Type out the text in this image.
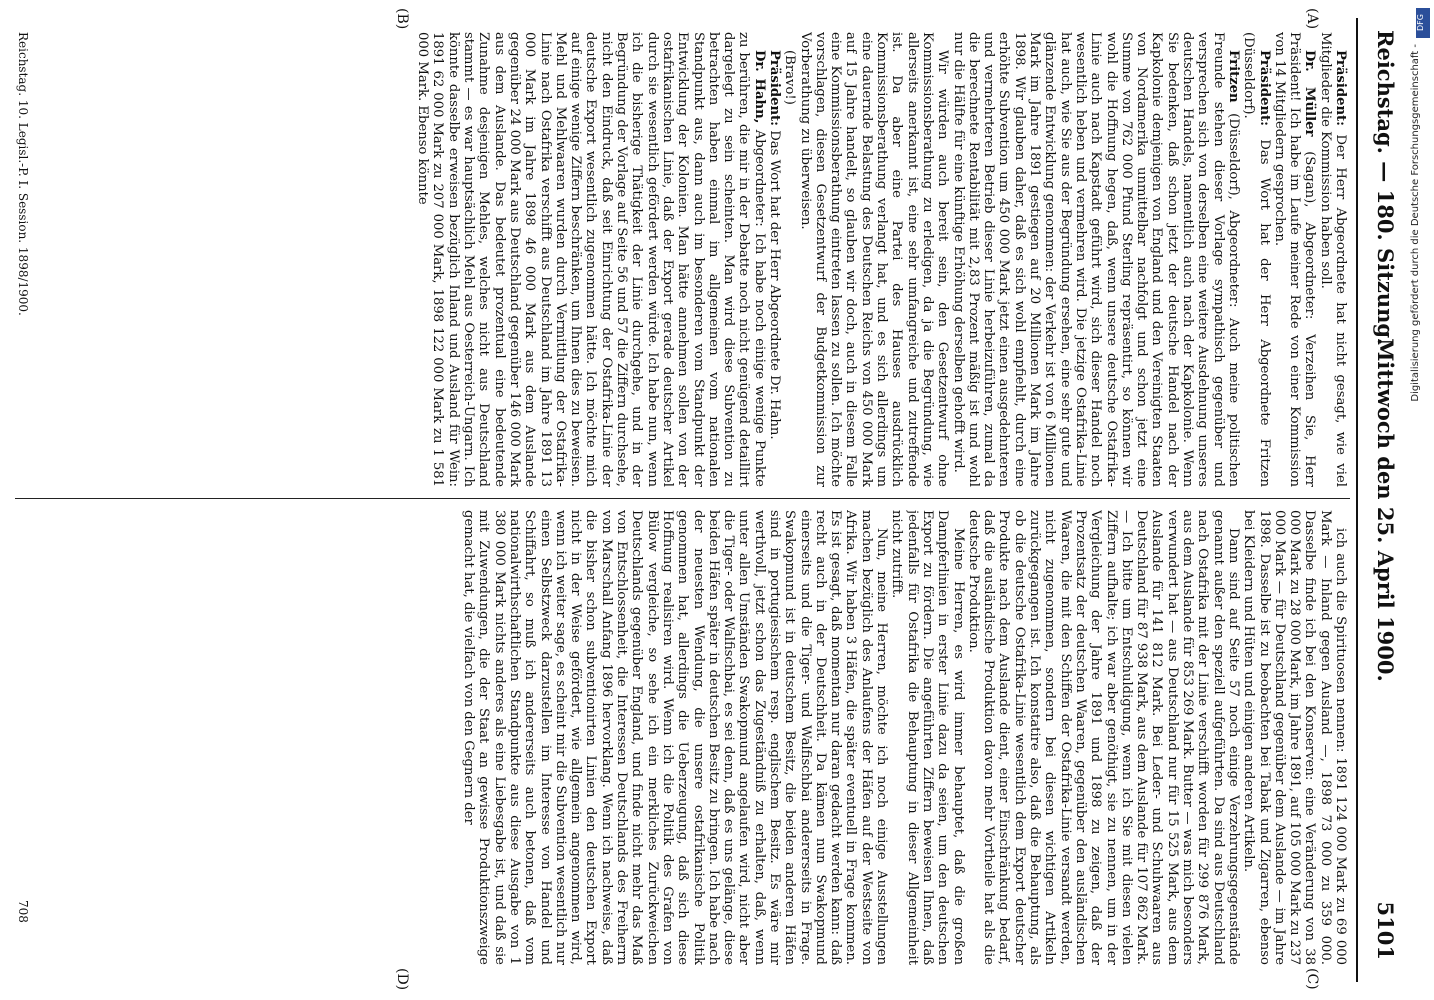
Reichstag. — 180. Sitzung.
Mittwoch den 25. April 1900.
5101
(A)
(B)
(C)
(D)

Präsident: Der Herr Abgeordnete hat nicht gesagt, wie viel Mitglieder die Kommission haben soll.

Dr. Müller (Sagan), Abgeordneter: Verzeihen Sie, Herr Präsident! Ich habe im Laufe meiner Rede von einer Kommission von 14 Mitgliedern gesprochen.

Präsident: Das Wort hat der Herr Abgeordnete Fritzen (Düsseldorf).

Fritzen (Düsseldorf), Abgeordneter: Auch meine politischen Freunde stehen dieser Vorlage sympathisch gegenüber und versprechen sich von derselben eine weitere Ausdehnung unseres deutschen Handels, namentlich auch nach der Kapkolonie. Wenn Sie bedenken, daß schon jetzt der deutsche Handel nach der Kapkolonie demjenigen von England und den Vereinigten Staaten von Nordamerika unmittelbar nachfolgt und schon jetzt eine Summe von 762 000 Pfund Sterling repräsentirt, so können wir wohl die Hoffnung hegen, daß, wenn unsere deutsche Ostafrika-Linie auch nach Kapstadt geführt wird, sich dieser Handel noch wesentlich heben und vermehren wird. Die jetzige Ostafrika-Linie hat auch, wie Sie aus der Begründung ersehen, eine sehr gute und glänzende Entwicklung genommen: der Verkehr ist von 6 Millionen Mark im Jahre 1891 gestiegen auf 20 Millionen Mark im Jahre 1898. Wir glauben daher, daß es sich wohl empfiehlt, durch eine erhöhte Subvention um 450 000 Mark jetzt einen ausgedehnteren und vermehrteren Betrieb dieser Linie herbeizuführen, zumal da die berechnete Rentabilität mit 2,83 Prozent mäßig ist und wohl nur die Hälfte für eine künftige Erhöhung derselben gehofft wird.

Wir würden auch bereit sein, den Gesetzentwurf ohne Kommissionsberathung zu erledigen, da ja die Begründung, wie allerseits anerkannt ist, eine sehr umfangreiche und zutreffende ist. Da aber eine Partei des Hauses ausdrücklich Kommissionsberathung verlangt hat, und es sich allerdings um eine dauernde Belastung des Deutschen Reichs von 450 000 Mark auf 15 Jahre handelt, so glauben wir doch, auch in diesem Falle eine Kommissionsberathung eintreten lassen zu sollen. Ich möchte vorschlagen, diesen Gesetzentwurf der Budgetkommission zur Vorberathung zu überweisen.

(Bravo!)

Präsident: Das Wort hat der Herr Abgeordnete Dr. Hahn.

Dr. Hahn, Abgeordneter: Ich habe noch einige wenige Punkte zu berühren, die mir in der Debatte noch nicht genügend detaillirt dargelegt zu sein scheinten. Man wird diese Subvention zu betrachten haben einmal im allgemeinen vom nationalen Standpunkt aus, dann auch im besonderen vom Standpunkt der Entwicklung der Kolonien. Man hätte annehmen sollen von der ostafrikanischen Linie, daß der Export gerade deutscher Artikel durch sie wesentlich gefördert werden würde. Ich habe nun, wenn ich die bisherige Thätigkeit der Linie durchgehe, und in der Begründung der Vorlage auf Seite 56 und 57 die Ziffern durchsehe, nicht den Eindruck, daß seit Einrichtung der Ostafrika-Linie der deutsche Export wesentlich zugenommen hätte. Ich möchte mich auf einige wenige Ziffern beschränken, um Ihnen dies zu beweisen. Mehl und Mehlwaaren wurden durch Vermittlung der Ostafrika-Linie nach Ostafrika verschifft aus Deutschland im Jahre 1891 13 000 Mark im Jahre 1898 46 000 Mark aus dem Auslande gegenüber 24 000 Mark aus Deutschland gegenüber 146 000 Mark aus dem Auslande. Das bedeutet prozentual eine bedeutende Zunahme desjenigen Mehles, welches nicht aus Deutschland stammt — es war hauptsächlich Mehl aus Oesterreich-Ungarn. Ich könnte dasselbe erweisen bezüglich Inland und Ausland für Wein: 1891 62 000 Mark zu 207 000 Mark, 1898 122 000 Mark zu 1 581 000 Mark. Ebenso könnte

ich auch die Spirituosen nennen: 1891 124 000 Mark zu 69 000 Mark — Inland gegen Ausland —, 1898 73 000 zu 359 000. Dasselbe finde ich bei den Konserven: eine Veränderung von 38 000 Mark zu 28 000 Mark, im Jahre 1891, auf 105 000 Mark zu 237 000 Mark — für Deutschland gegenüber dem Auslande — im Jahre 1898. Dasselbe ist zu beobachten bei Tabak und Zigarren, ebenso bei Kleidern und Hüten und einigen anderen Artikeln.

Dann sind auf Seite 57 noch einige Verzehrungsgegenstände genannt außer den speziell aufgeführten. Da sind aus Deutschland nach Ostafrika mit der Linie verschifft worden für 299 876 Mark, aus dem Auslande für 853 269 Mark. Butter — was mich besonders verwundert hat — aus Deutschland nur für 15 525 Mark, aus dem Auslande für 141 812 Mark. Bei Leder- und Schuhwaaren aus Deutschland für 87 938 Mark, aus dem Auslande für 107 862 Mark. — Ich bitte um Entschuldigung, wenn ich Sie mit diesen vielen Ziffern aufhalte; ich war aber genöthigt, sie zu nennen, um in der Vergleichung der Jahre 1891 und 1898 zu zeigen, daß der Prozentsatz der deutschen Waaren, gegenüber den ausländischen Waaren, die mit den Schiffen der Ostafrika-Linie versandt werden, nicht zugenommen, sondern bei diesen wichtigen Artikeln zurückgegangen ist. Ich konstatire also, daß die Behauptung, als ob die deutsche Ostafrika-Linie wesentlich dem Export deutscher Produkte nach dem Auslande dient, einer Einschränkung bedarf, daß die ausländische Produktion davon mehr Vortheile hat als die deutsche Produktion.

Meine Herren, es wird immer behauptet, daß die großen Dampferlinien in erster Linie dazu da seien, um den deutschen Export zu fördern. Die angeführten Ziffern beweisen Ihnen, daß jedenfalls für Ostafrika die Behauptung in dieser Allgemeinheit nicht zutrifft.

Nun, meine Herren, möchte ich noch einige Ausstellungen machen bezüglich des Anlaufens der Häfen auf der Westseite von Afrika. Wir haben 3 Häfen, die später eventuell in Frage kommen. Es ist gesagt, daß momentan nur daran gedacht werden kann: daß recht auch in der Deutschheit. Da kämen nun Swakopmund einerseits und die Tiger- und Walfischbai andererseits in Frage. Swakopmund ist in deutschem Besitz, die beiden anderen Häfen sind in portugiesischem resp. englischem Besitz. Es wäre mir werthvoll, jetzt schon das Zugeständniß zu erhalten, daß, wenn unter allen Umständen Swakopmund angelaufen wird, nicht aber die Tiger- oder Walfischbai, es sei denn, daß es uns gelänge, diese beiden Häfen später in deutschen Besitz zu bringen. Ich habe nach der neuesten Wendung, die unsere ostafrikanische Politik genommen hat, allerdings die Ueberzeugung, daß sich diese Hoffnung realisiren wird. Wenn ich die Politik des Grafen von Bülow vergleiche, so sehe ich ein merkliches Zurückweichen Deutschlands gegenüber England, und finde nicht mehr das Maß von Entschlossenheit, die Interessen Deutschlands des Freiherrn von Marschall Anfang 1896 hervorklang. Wenn ich nachweise, daß die bisher schon subventionirten Linien den deutschen Export nicht in der Weise gefördert, wie allgemein angenommen wird, wenn ich weiter sage, es scheint mir die Subvention wesentlich nur einen Selbstzweck darzustellen im Interesse von Handel und Schiffahrt, so muß ich andererseits auch betonen, daß vom nationalwirthschaftlichen Standpunkte aus diese Ausgabe von 1 380 000 Mark nichts anderes als eine Liebesgabe ist, und daß sie mit Zuwendungen, die der Staat an gewisse Produktionszweige gemacht hat, die vielfach von den Gegnern der

Reichstag. 10. Legisl.-P. I. Session. 1898/1900.
708
DFG
Digitalisierung gefördert durch die Deutsche Forschungsgemeinschaft -
